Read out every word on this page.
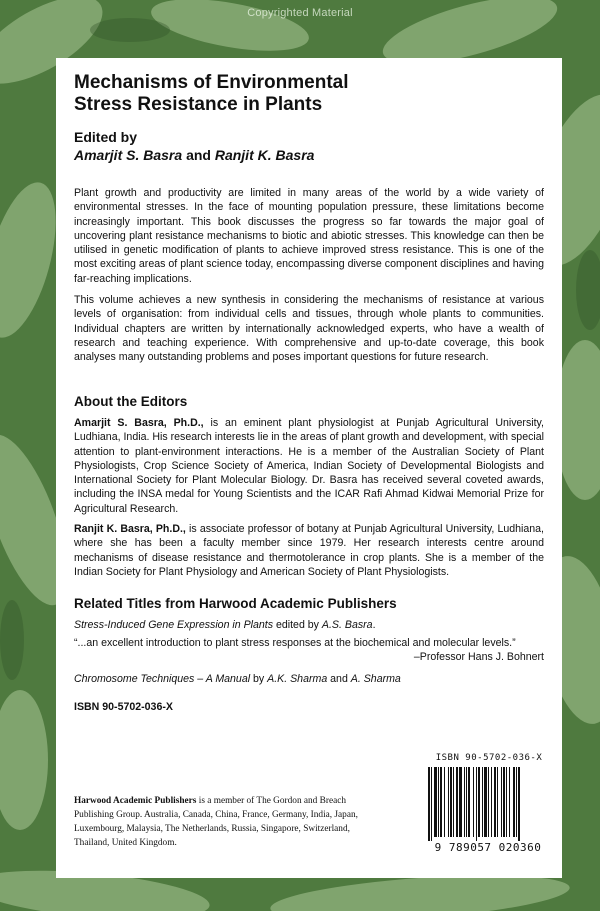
Copyrighted Material
Mechanisms of Environmental
Stress Resistance in Plants
Edited by
Amarjit S. Basra and Ranjit K. Basra

Plant growth and productivity are limited in many areas of the world by a wide variety of environmental stresses. In the face of mounting population pressure, these limitations become increasingly important. This book discusses the progress so far towards the major goal of uncovering plant resistance mechanisms to biotic and abiotic stresses. This knowledge can then be utilised in genetic modification of plants to achieve improved stress resistance. This is one of the most exciting areas of plant science today, encompassing diverse component disciplines and having far-reaching implications.

This volume achieves a new synthesis in considering the mechanisms of resistance at various levels of organisation: from individual cells and tissues, through whole plants to communities. Individual chapters are written by internationally acknowledged experts, who have a wealth of research and teaching experience. With comprehensive and up-to-date coverage, this book analyses many outstanding problems and poses important questions for future research.

About the Editors

Amarjit S. Basra, Ph.D., is an eminent plant physiologist at Punjab Agricultural University, Ludhiana, India. His research interests lie in the areas of plant growth and development, with special attention to plant-environment interactions. He is a member of the Australian Society of Plant Physiologists, Crop Science Society of America, Indian Society of Developmental Biologists and International Society for Plant Molecular Biology. Dr. Basra has received several coveted awards, including the INSA medal for Young Scientists and the ICAR Rafi Ahmad Kidwai Memorial Prize for Agricultural Research.

Ranjit K. Basra, Ph.D., is associate professor of botany at Punjab Agricultural University, Ludhiana, where she has been a faculty member since 1979. Her research interests centre around mechanisms of disease resistance and thermotolerance in crop plants. She is a member of the Indian Society for Plant Physiology and American Society of Plant Physiologists.

Related Titles from Harwood Academic Publishers
Stress-Induced Gene Expression in Plants edited by A.S. Basra.
“...an excellent introduction to plant stress responses at the biochemical and molecular levels.”
–Professor Hans J. Bohnert
Chromosome Techniques – A Manual by A.K. Sharma and A. Sharma
ISBN 90-5702-036-X
Harwood Academic Publishers is a member of The Gordon and Breach Publishing Group. Australia, Canada, China, France, Germany, India, Japan, Luxembourg, Malaysia, The Netherlands, Russia, Singapore, Switzerland, Thailand, United Kingdom.
ISBN 90-5702-036-X
9 789057 020360
